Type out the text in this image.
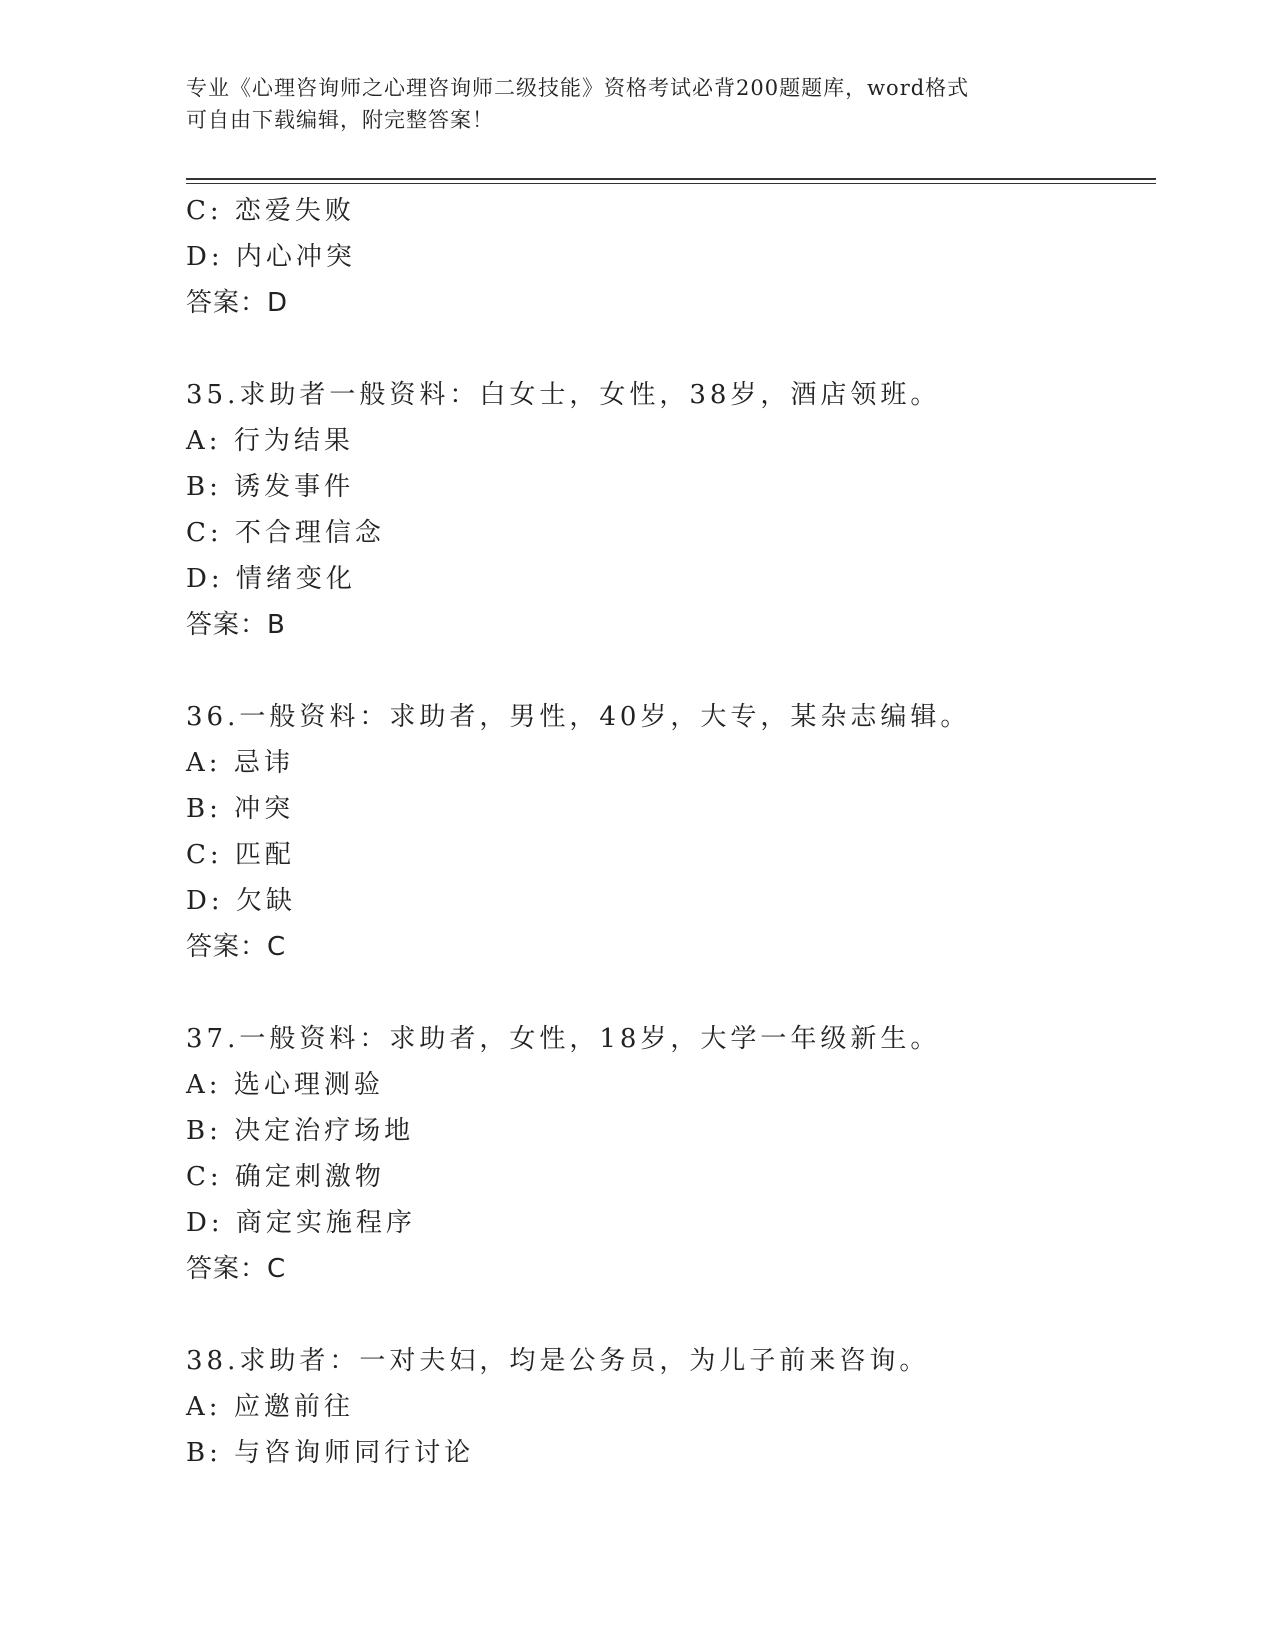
专业《心理咨询师之心理咨询师二级技能》资格考试必背200题题库，word格式
可自由下载编辑，附完整答案！
C: 恋爱失败
D: 内心冲突
答案：D
35.求助者一般资料：白女士，女性，38岁，酒店领班。
A: 行为结果
B: 诱发事件
C: 不合理信念
D: 情绪变化
答案：B
36.一般资料：求助者，男性，40岁，大专，某杂志编辑。
A: 忌讳
B: 冲突
C: 匹配
D: 欠缺
答案：C
37.一般资料：求助者，女性，18岁，大学一年级新生。
A: 选心理测验
B: 决定治疗场地
C: 确定刺激物
D: 商定实施程序
答案：C
38.求助者：一对夫妇，均是公务员，为儿子前来咨询。
A: 应邀前往
B: 与咨询师同行讨论
